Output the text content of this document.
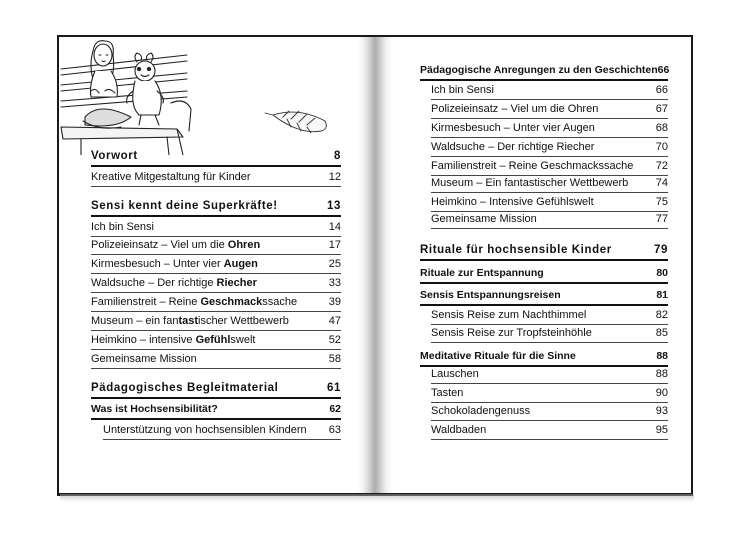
Vorwort	8
Kreative Mitgestaltung für Kinder	12
Sensi kennt deine Superkräfte!	13
Ich bin Sensi	14
Polizeieinsatz – Viel um die Ohren	17
Kirmesbesuch – Unter vier Augen	25
Waldsuche – Der richtige Riecher	33
Familienstreit – Reine Geschmackssache	39
Museum – ein fantastischer Wettbewerb	47
Heimkino – intensive Gefühlswelt	52
Gemeinsame Mission	58
Pädagogisches Begleitmaterial	61
Was ist Hochsensibilität?	62
Unterstützung von hochsensiblen Kindern 63
Pädagogische Anregungen zu den Geschichten 66
Ich bin Sensi	66
Polizeieinsatz – Viel um die Ohren	67
Kirmesbesuch – Unter vier Augen	68
Waldsuche – Der richtige Riecher	70
Familienstreit – Reine Geschmackssache 72
Museum – Ein fantastischer Wettbewerb 74
Heimkino – Intensive Gefühlswelt	75
Gemeinsame Mission	77
Rituale für hochsensible Kinder	79
Rituale zur Entspannung	80
Sensis Entspannungsreisen	81
Sensis Reise zum Nachthimmel	82
Sensis Reise zur Tropfsteinhöhle	85
Meditative Rituale für die Sinne	88
Lauschen	88
Tasten	90
Schokoladengenuss	93
Waldbaden	95
